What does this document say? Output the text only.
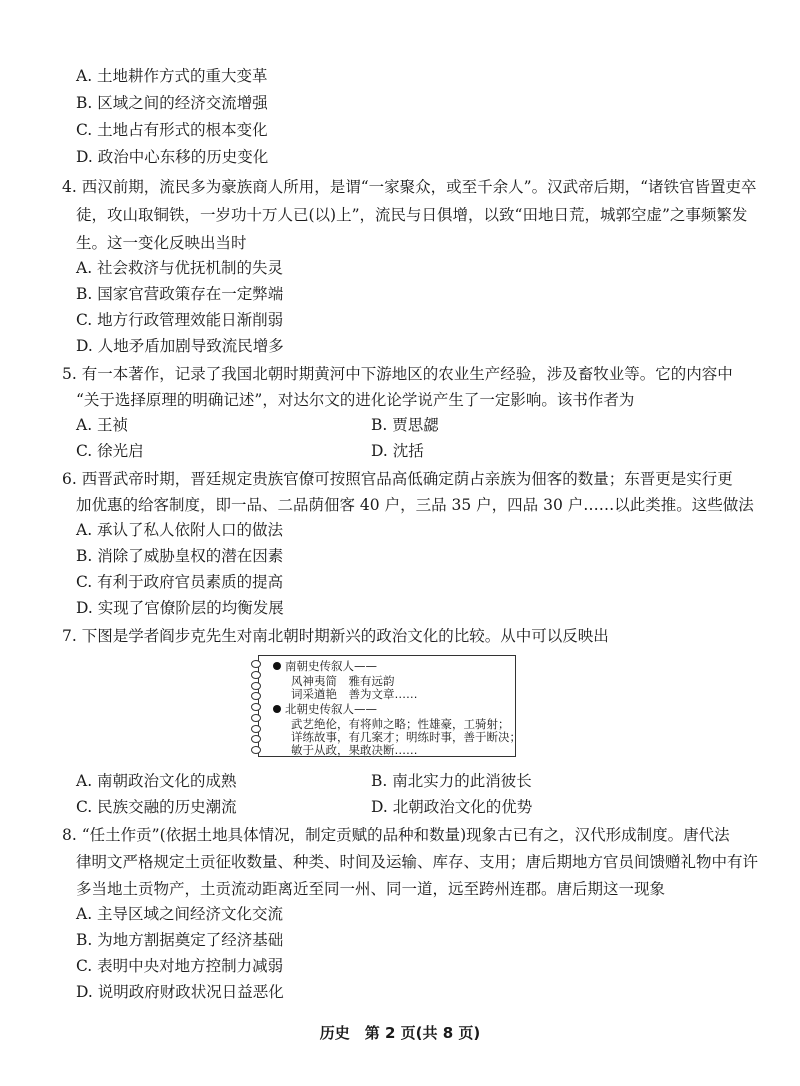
A. 土地耕作方式的重大变革
B. 区域之间的经济交流增强
C. 土地占有形式的根本变化
D. 政治中心东移的历史变化
4. 西汉前期，流民多为豪族商人所用，是谓“一家聚众，或至千余人”。汉武帝后期，“诸铁官皆置吏卒
徒，攻山取铜铁，一岁功十万人已(以)上”，流民与日俱增，以致“田地日荒，城郭空虚”之事频繁发
生。这一变化反映出当时
A. 社会救济与优抚机制的失灵
B. 国家官营政策存在一定弊端
C. 地方行政管理效能日渐削弱
D. 人地矛盾加剧导致流民增多
5. 有一本著作，记录了我国北朝时期黄河中下游地区的农业生产经验，涉及畜牧业等。它的内容中
“关于选择原理的明确记述”，对达尔文的进化论学说产生了一定影响。该书作者为
A. 王祯	B. 贾思勰
C. 徐光启	D. 沈括
6. 西晋武帝时期，晋廷规定贵族官僚可按照官品高低确定荫占亲族为佃客的数量；东晋更是实行更
加优惠的给客制度，即一品、二品荫佃客 40 户，三品 35 户，四品 30 户……以此类推。这些做法
A. 承认了私人依附人口的做法
B. 消除了威胁皇权的潜在因素
C. 有利于政府官员素质的提高
D. 实现了官僚阶层的均衡发展
7. 下图是学者阎步克先生对南北朝时期新兴的政治文化的比较。从中可以反映出
南朝史传叙人——
风神夷简　雅有远韵
词采遒艳　善为文章……
北朝史传叙人——
武艺绝伦，有将帅之略；性雄豪，工骑射；
详练故事，有几案才；明练时事，善于断决；
敏于从政，果敢决断……
A. 南朝政治文化的成熟	B. 南北实力的此消彼长
C. 民族交融的历史潮流	D. 北朝政治文化的优势
8. “任土作贡”(依据土地具体情况，制定贡赋的品种和数量)现象古已有之，汉代形成制度。唐代法
律明文严格规定土贡征收数量、种类、时间及运输、库存、支用；唐后期地方官员间馈赠礼物中有许
多当地土贡物产，土贡流动距离近至同一州、同一道，远至跨州连郡。唐后期这一现象
A. 主导区域之间经济文化交流
B. 为地方割据奠定了经济基础
C. 表明中央对地方控制力减弱
D. 说明政府财政状况日益恶化
历史　第 2 页(共 8 页)
